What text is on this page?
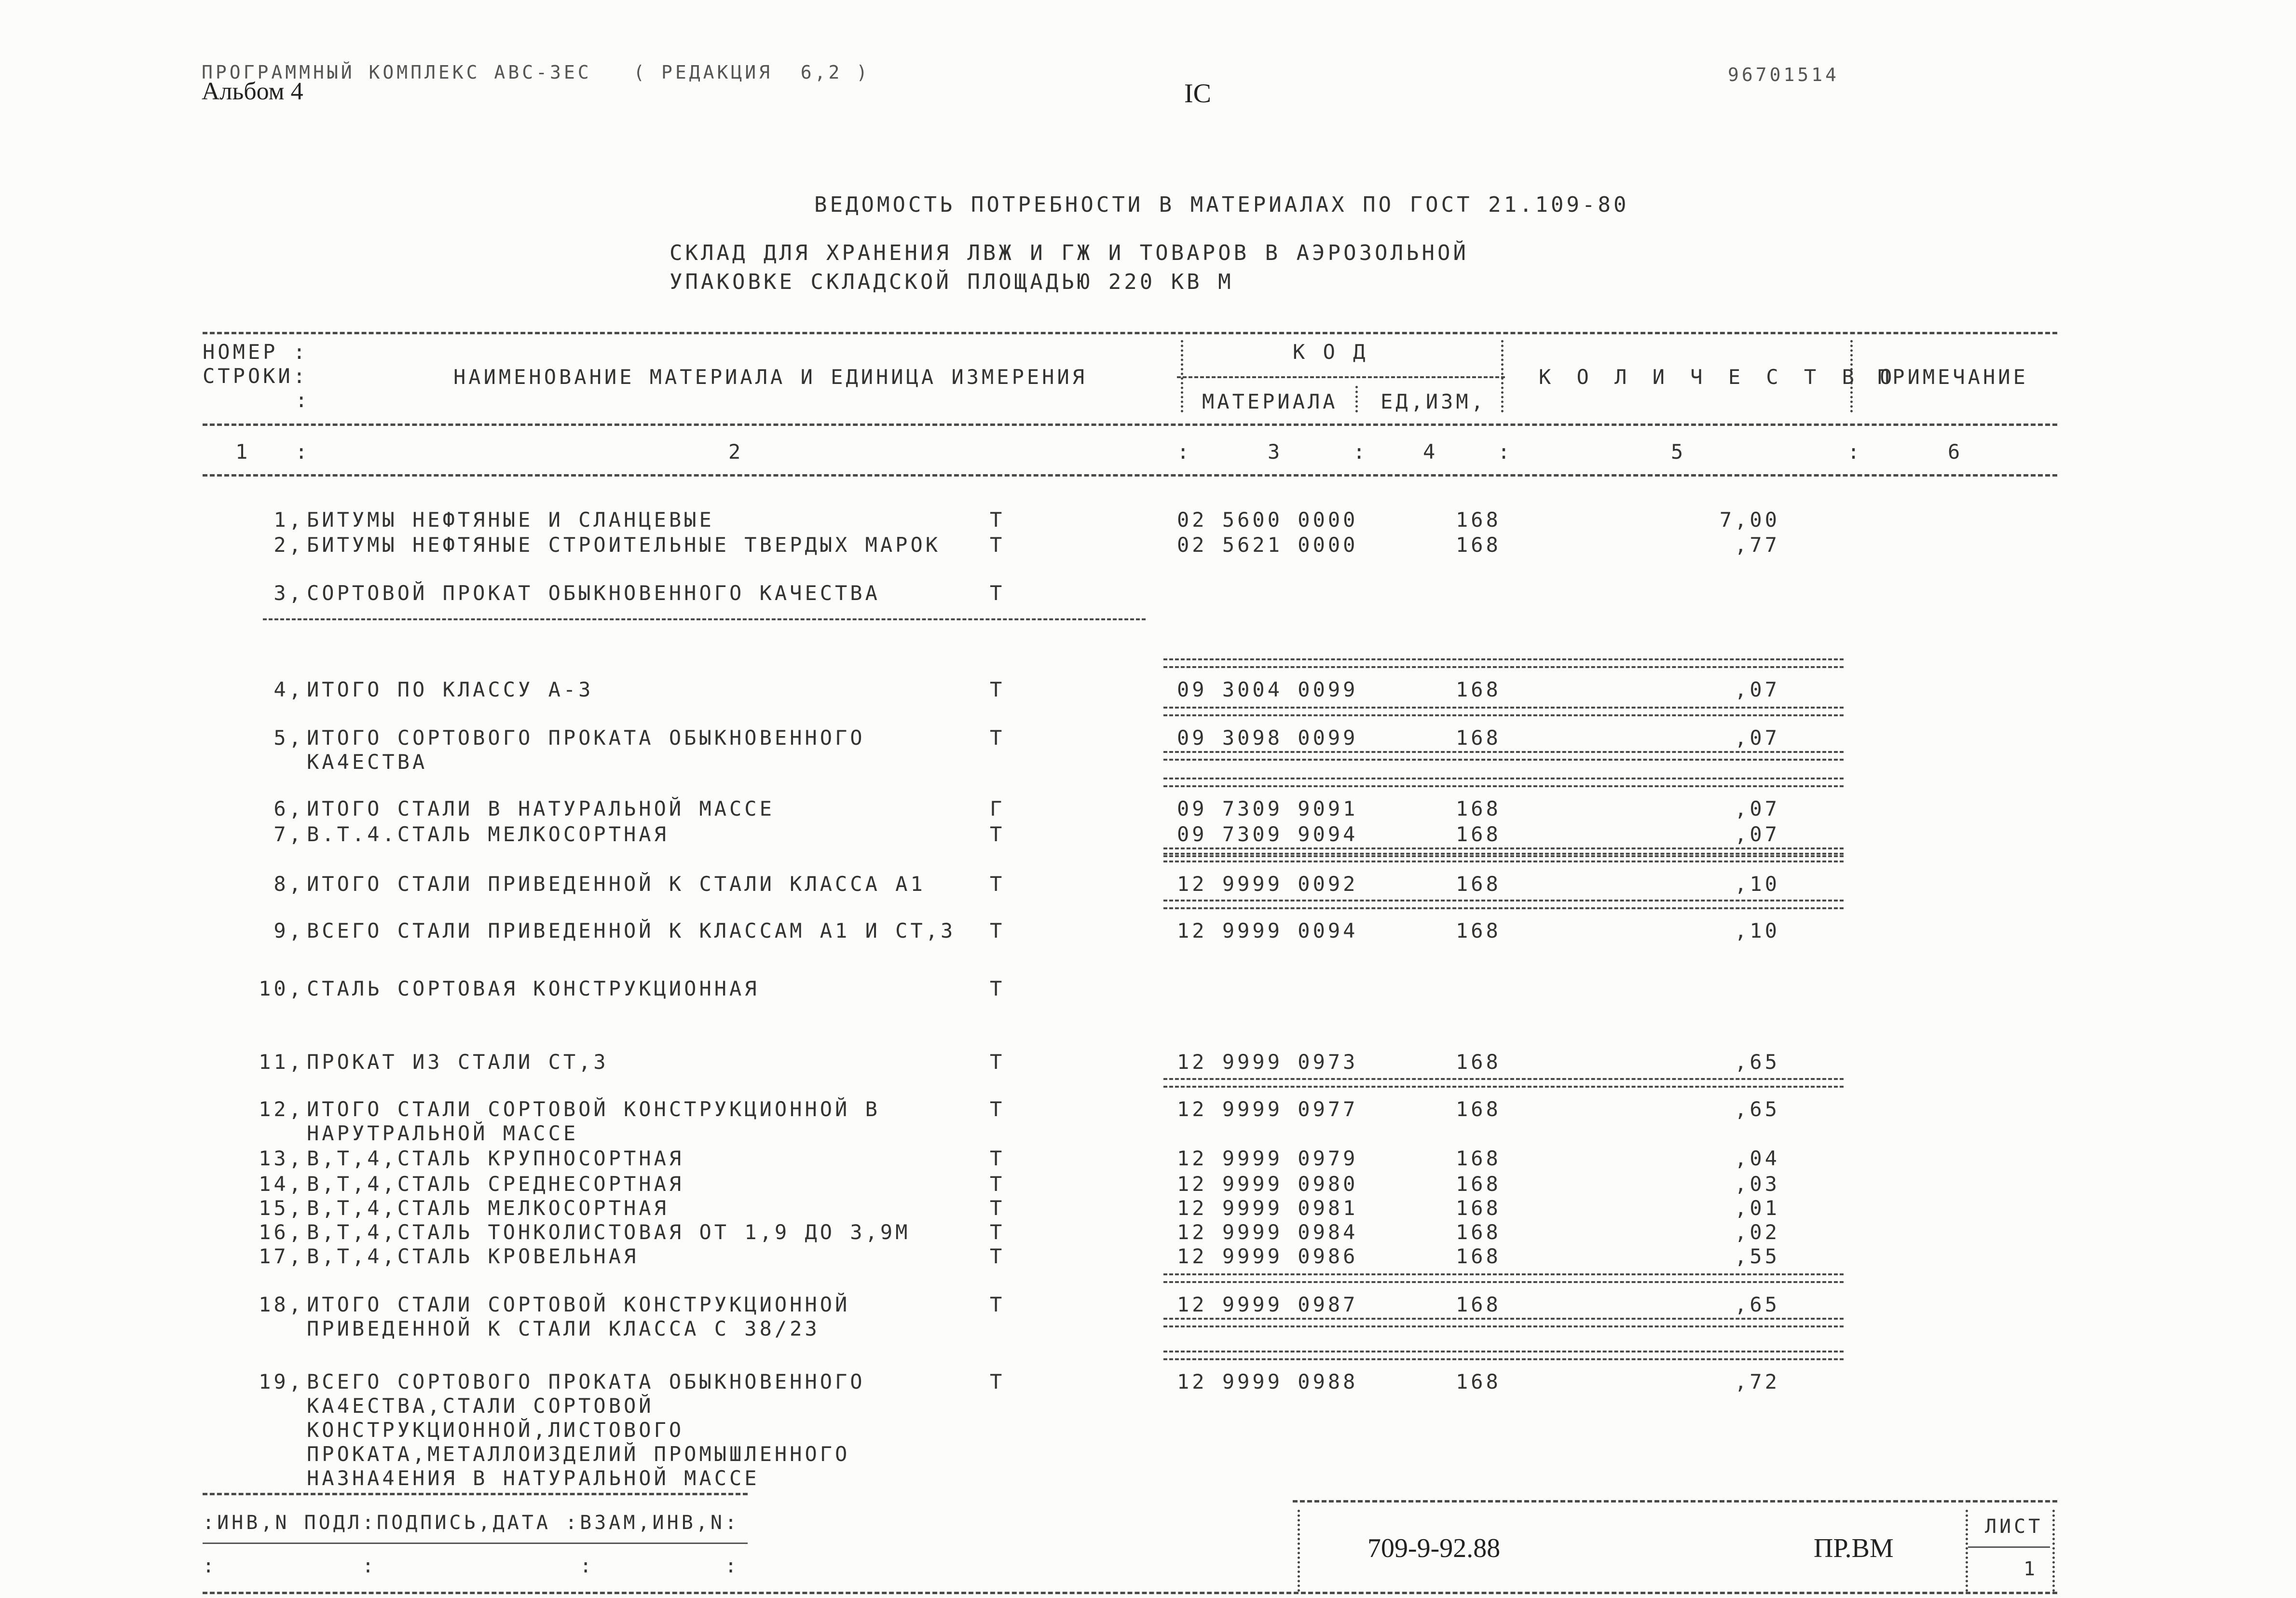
ПРОГРАММНЫЙ КОМПЛЕКС АВС-3ЕС   ( РЕДАКЦИЯ  6,2 )
Альбом 4	IС
96701514
ВЕДОМОСТЬ ПОТРЕБНОСТИ В МАТЕРИАЛАХ ПО ГОСТ 21.109-80
СКЛАД ДЛЯ ХРАНЕНИЯ ЛВЖ И ГЖ И ТОВАРОВ В АЭРОЗОЛЬНОЙ
УПАКОВКЕ СКЛАДСКОЙ ПЛОЩАДЬЮ 220 КВ М
НОМЕР :
СТРОКИ:
:
НАИМЕНОВАНИЕ МАТЕРИАЛА И ЕДИНИЦА ИЗМЕРЕНИЯ
К О Д
МАТЕРИАЛА ЕД,ИЗМ,
К О Л И Ч Е С Т В О
ПРИМЕЧАНИЕ
1	2	3	4	5	6
:	:	:	:	:
1, БИТУМЫ НЕФТЯНЫЕ И СЛАНЦЕВЫЕ	Т	02 5600 0000	168	7,00
2, БИТУМЫ НЕФТЯНЫЕ СТРОИТЕЛЬНЫЕ ТВЕРДЫХ МАРОК Т	02 5621 0000	168	,77
3, СОРТОВОЙ ПРОКАТ ОБЫКНОВЕННОГО КАЧЕСТВА	Т
4, ИТОГО ПО КЛАССУ А-3	Т	09 3004 0099	168	,07
5, ИТОГО СОРТОВОГО ПРОКАТА ОБЫКНОВЕННОГО
КА4ЕСТВА
Т	09 3098 0099	168	,07
6, ИТОГО СТАЛИ В НАТУРАЛЬНОЙ МАССЕ	Г	09 7309 9091	168	,07
7, В.Т.4.СТАЛЬ МЕЛКОСОРТНАЯ	Т	09 7309 9094	168	,07
8, ИТОГО СТАЛИ ПРИВЕДЕННОЙ К СТАЛИ КЛАССА А1	Т	12 9999 0092	168	,10
9, ВСЕГО СТАЛИ ПРИВЕДЕННОЙ К КЛАССАМ А1 И СТ,3 Т	12 9999 0094	168	,10
10, СТАЛЬ СОРТОВАЯ КОНСТРУКЦИОННАЯ	Т
11, ПРОКАТ ИЗ СТАЛИ СТ,3	Т	12 9999 0973	168	,65
12, ИТОГО СТАЛИ СОРТОВОЙ КОНСТРУКЦИОННОЙ В
НАРУТРАЛЬНОЙ МАССЕ
Т	12 9999 0977	168	,65
13, В,Т,4,СТАЛЬ КРУПНОСОРТНАЯ	Т	12 9999 0979	168	,04
14, В,Т,4,СТАЛЬ СРЕДНЕСОРТНАЯ	Т	12 9999 0980	168	,03
15, В,Т,4,СТАЛЬ МЕЛКОСОРТНАЯ	Т	12 9999 0981	168	,01
16, В,Т,4,СТАЛЬ ТОНКОЛИСТОВАЯ ОТ 1,9 ДО 3,9М	Т	12 9999 0984	168	,02
17, В,Т,4,СТАЛЬ КРОВЕЛЬНАЯ	Т	12 9999 0986	168	,55
18, ИТОГО СТАЛИ СОРТОВОЙ КОНСТРУКЦИОННОЙ
ПРИВЕДЕННОЙ К СТАЛИ КЛАССА С 38/23
Т	12 9999 0987	168	,65
19, ВСЕГО СОРТОВОГО ПРОКАТА ОБЫКНОВЕННОГО
КА4ЕСТВА,СТАЛИ СОРТОВОЙ
КОНСТРУКЦИОННОЙ,ЛИСТОВОГО
ПРОКАТА,МЕТАЛЛОИЗДЕЛИЙ ПРОМЫШЛЕННОГО
НАЗНА4ЕНИЯ В НАТУРАЛЬНОЙ МАССЕ
Т	12 9999 0988	168	,72
:ИНВ,N ПОДЛ:ПОДПИСЬ,ДАТА :ВЗАМ,ИНВ,N:
:          :              :         :
709-9-92.88	ПР.ВМ
ЛИСТ
1
